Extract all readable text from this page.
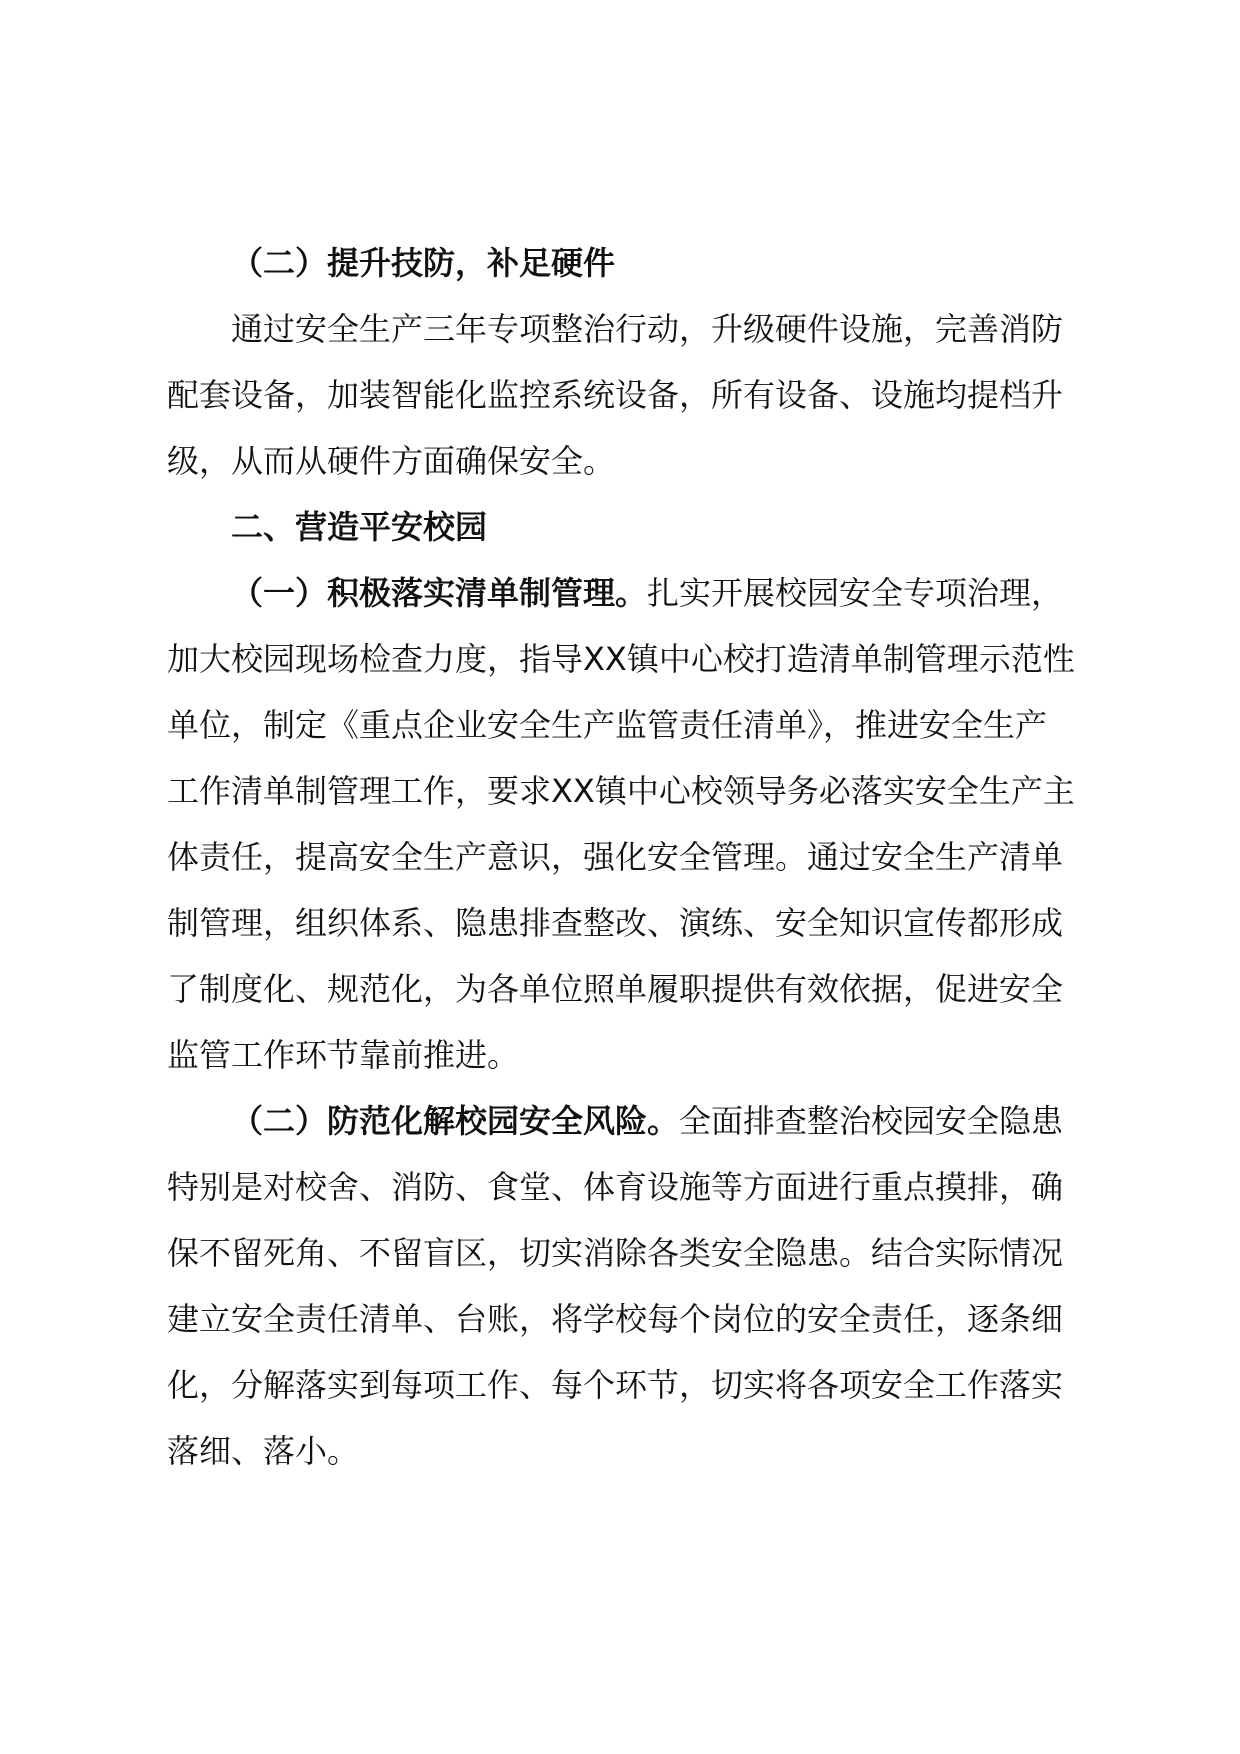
（二）提升技防，补足硬件
通过安全生产三年专项整治行动，升级硬件设施，完善消防
配套设备，加装智能化监控系统设备，所有设备、设施均提档升
级，从而从硬件方面确保安全。
二、营造平安校园
（一）积极落实清单制管理。扎实开展校园安全专项治理，
加大校园现场检查力度，指导XX镇中心校打造清单制管理示范性
单位，制定《重点企业安全生产监管责任清单》，推进安全生产
工作清单制管理工作，要求XX镇中心校领导务必落实安全生产主
体责任，提高安全生产意识，强化安全管理。通过安全生产清单
制管理，组织体系、隐患排查整改、演练、安全知识宣传都形成
了制度化、规范化，为各单位照单履职提供有效依据，促进安全
监管工作环节靠前推进。
（二）防范化解校园安全风险。全面排查整治校园安全隐患
特别是对校舍、消防、食堂、体育设施等方面进行重点摸排，确
保不留死角、不留盲区，切实消除各类安全隐患。结合实际情况
建立安全责任清单、台账，将学校每个岗位的安全责任，逐条细
化，分解落实到每项工作、每个环节，切实将各项安全工作落实
落细、落小。
